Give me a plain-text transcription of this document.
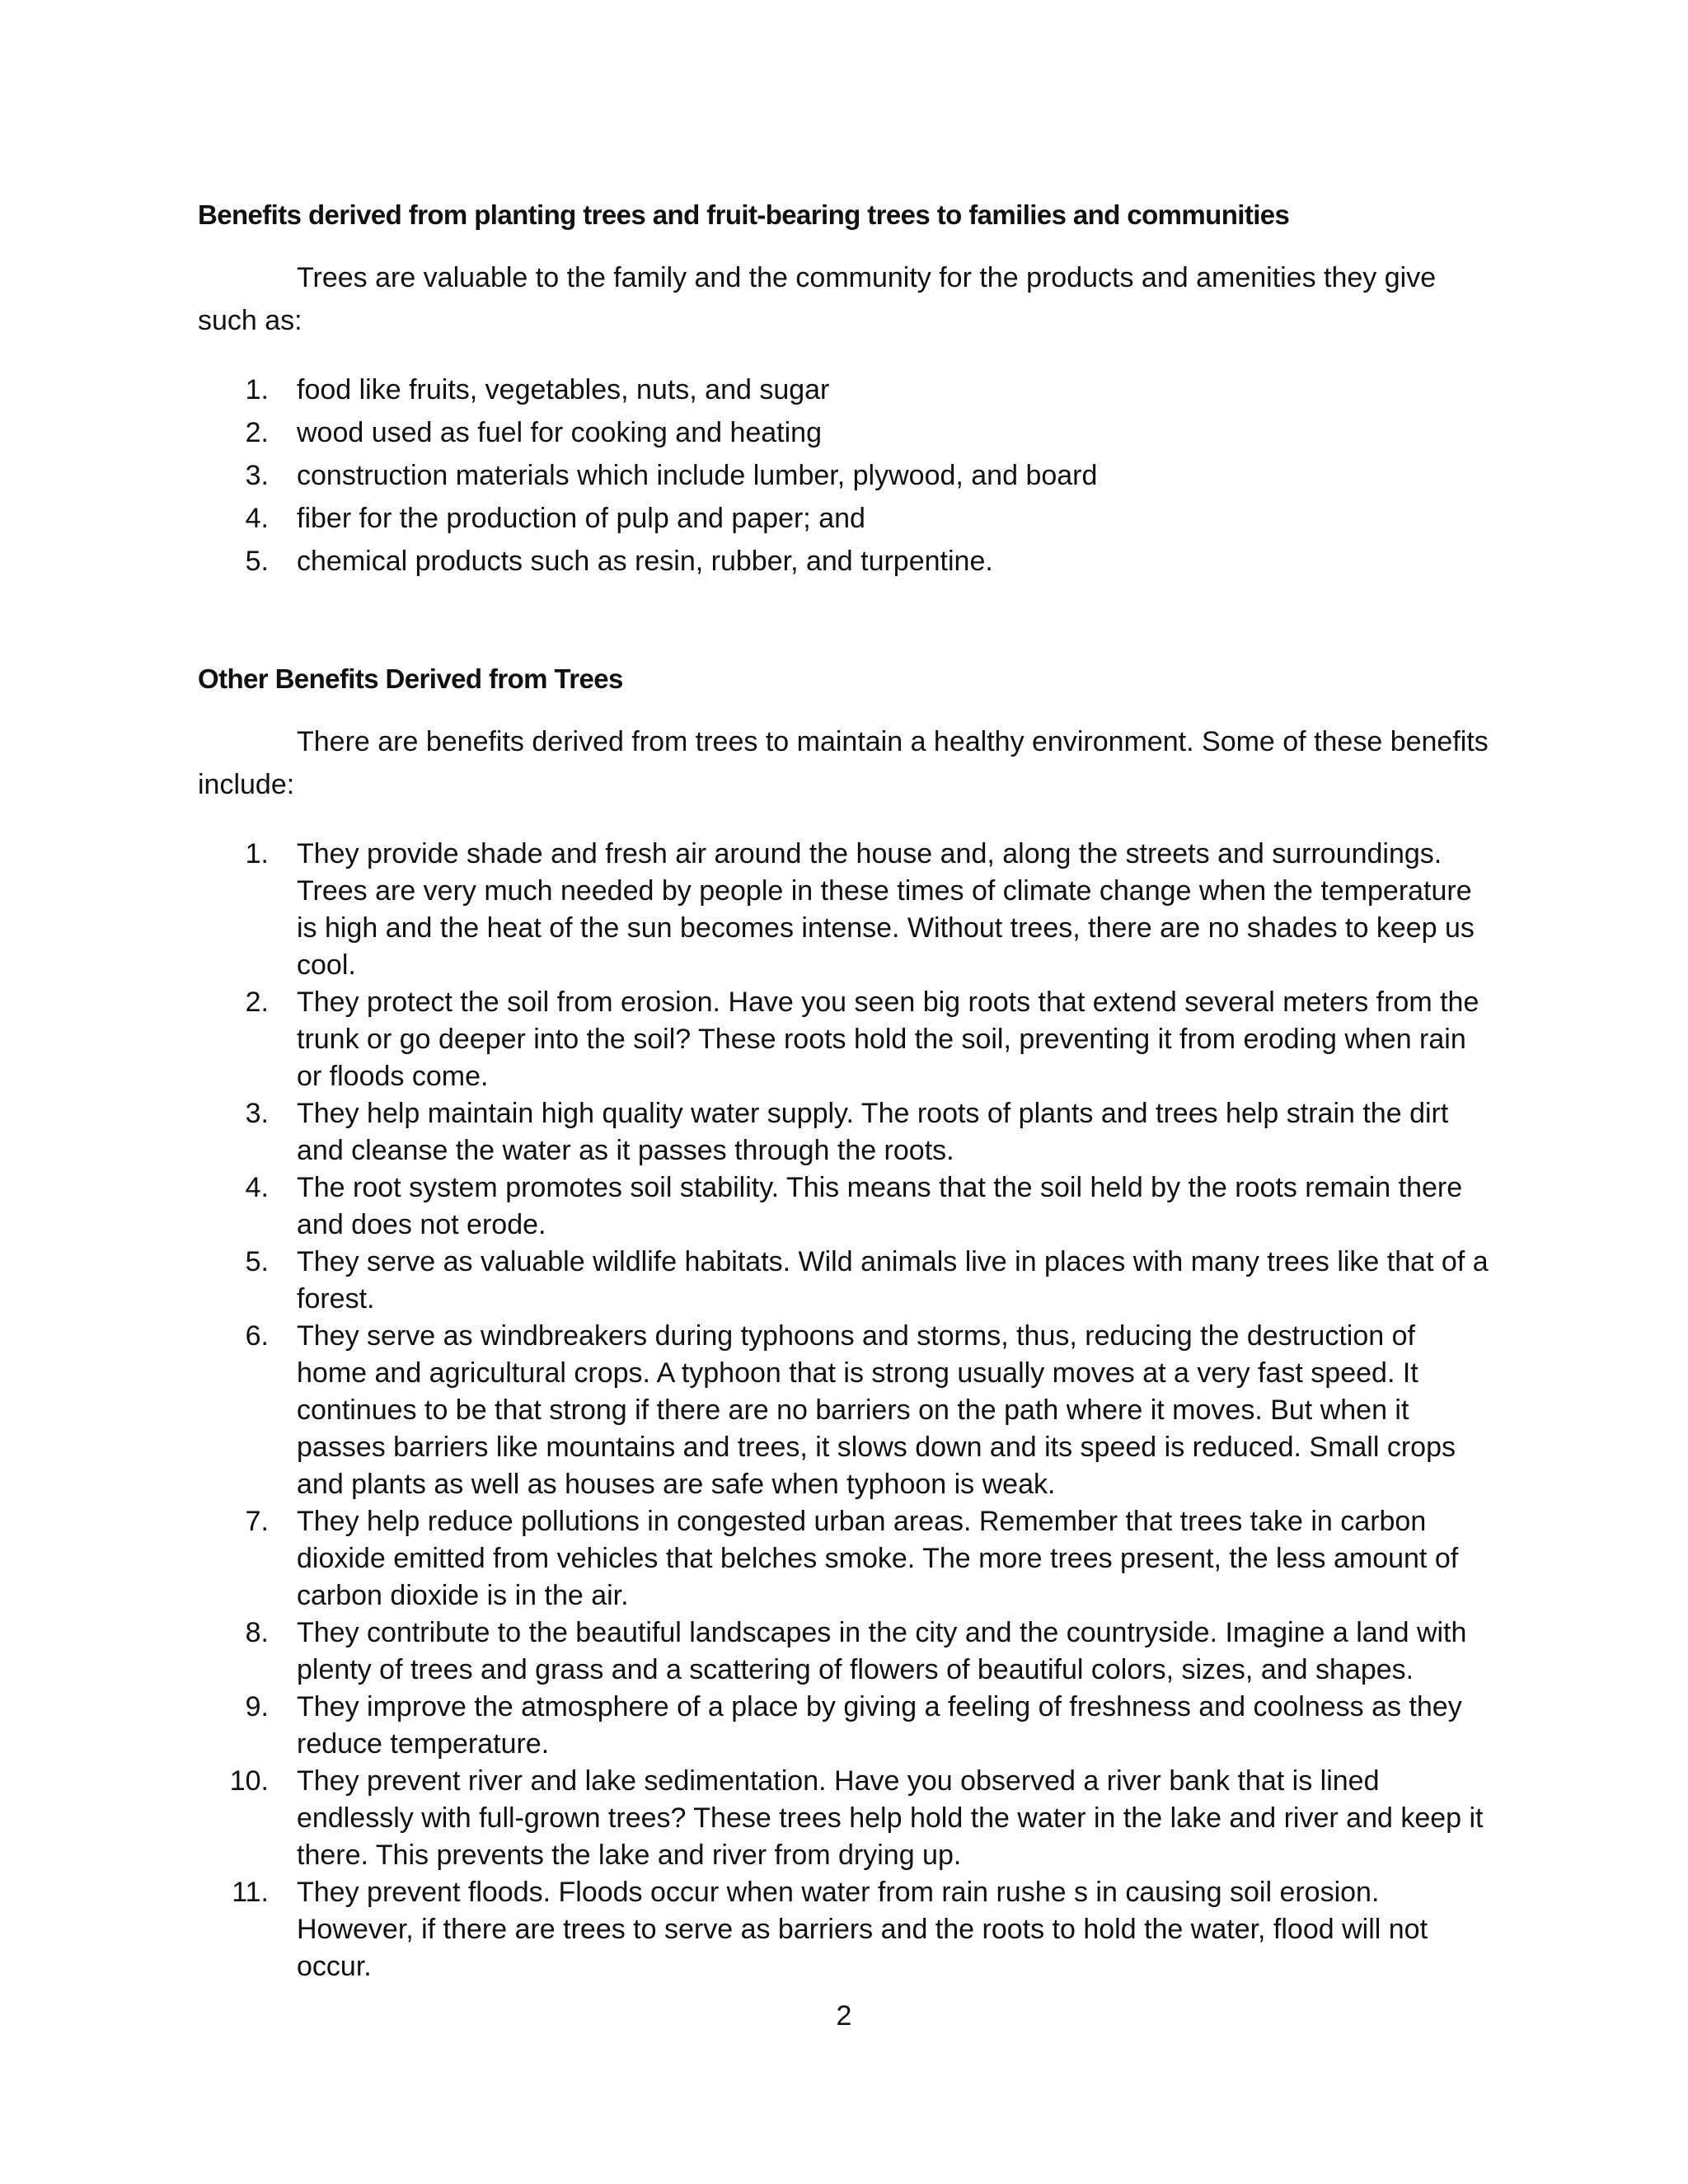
Benefits derived from planting trees and fruit-bearing trees to families and communities

Trees are valuable to the family and the community for the products and amenities they give such as:

1. food like fruits, vegetables, nuts, and sugar
2. wood used as fuel for cooking and heating
3. construction materials which include lumber, plywood, and board
4. fiber for the production of pulp and paper; and
5. chemical products such as resin, rubber, and turpentine.
Other Benefits Derived from Trees

There are benefits derived from trees to maintain a healthy environment. Some of these benefits include:

1. They provide shade and fresh air around the house and, along the streets and surroundings. Trees are very much needed by people in these times of climate change when the temperature is high and the heat of the sun becomes intense. Without trees, there are no shades to keep us cool.
2. They protect the soil from erosion. Have you seen big roots that extend several meters from the trunk or go deeper into the soil? These roots hold the soil, preventing it from eroding when rain or floods come.
3. They help maintain high quality water supply. The roots of plants and trees help strain the dirt and cleanse the water as it passes through the roots.
4. The root system promotes soil stability. This means that the soil held by the roots remain there and does not erode.
5. They serve as valuable wildlife habitats. Wild animals live in places with many trees like that of a forest.
6. They serve as windbreakers during typhoons and storms, thus, reducing the destruction of home and agricultural crops. A typhoon that is strong usually moves at a very fast speed. It continues to be that strong if there are no barriers on the path where it moves. But when it passes barriers like mountains and trees, it slows down and its speed is reduced. Small crops and plants as well as houses are safe when typhoon is weak.
7. They help reduce pollutions in congested urban areas. Remember that trees take in carbon dioxide emitted from vehicles that belches smoke. The more trees present, the less amount of carbon dioxide is in the air.
8. They contribute to the beautiful landscapes in the city and the countryside. Imagine a land with plenty of trees and grass and a scattering of flowers of beautiful colors, sizes, and shapes.
9. They improve the atmosphere of a place by giving a feeling of freshness and coolness as they reduce temperature.
10. They prevent river and lake sedimentation. Have you observed a river bank that is lined endlessly with full-grown trees? These trees help hold the water in the lake and river and keep it there. This prevents the lake and river from drying up.
11. They prevent floods. Floods occur when water from rain rushe s in causing soil erosion. However, if there are trees to serve as barriers and the roots to hold the water, flood will not occur.
2
